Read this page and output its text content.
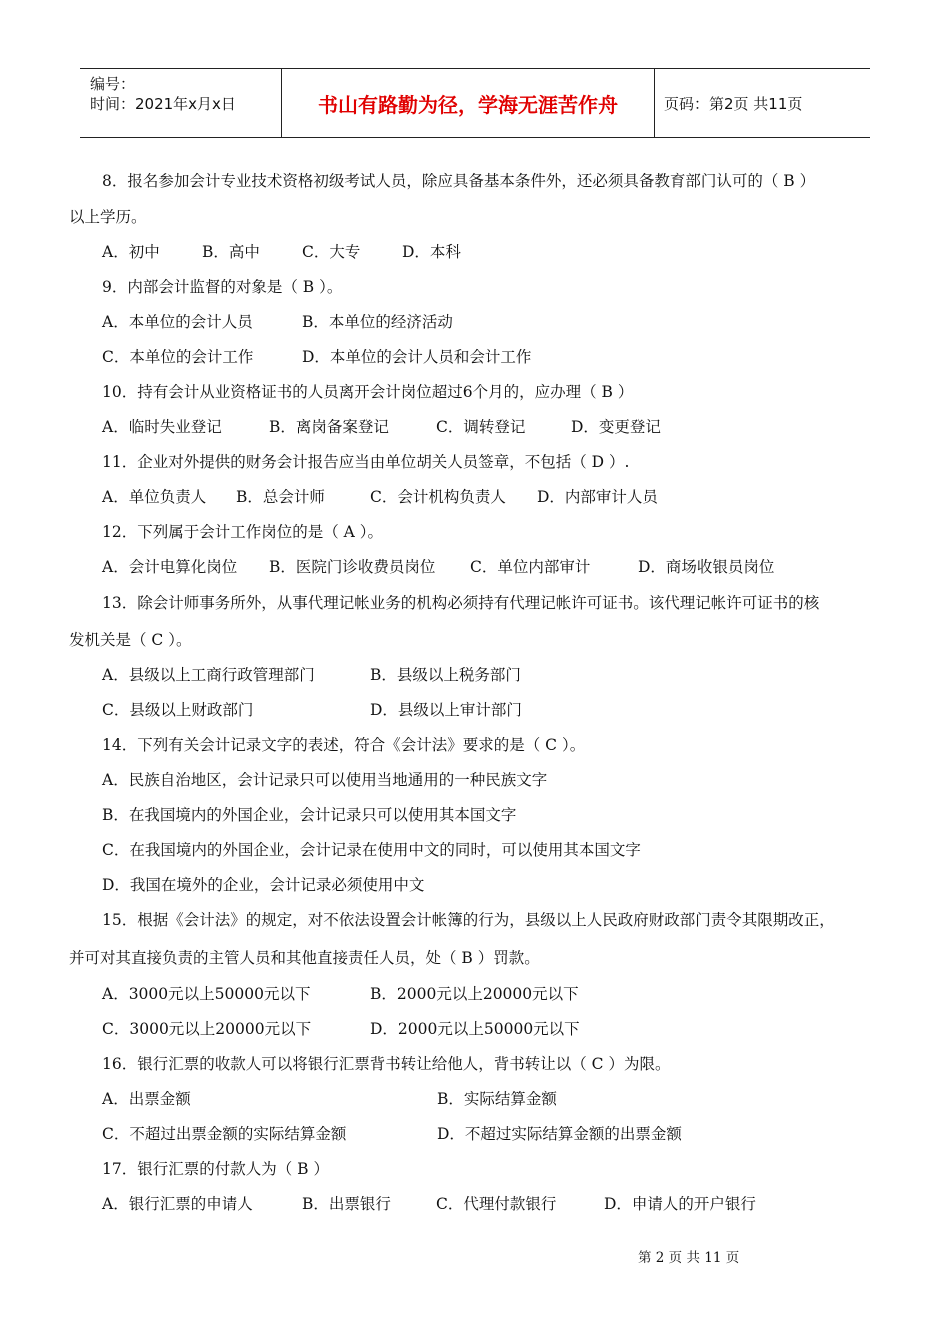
编号：
时间：2021年x月x日	书山有路勤为径，学海无涯苦作舟	页码：第2页 共11页
8．报名参加会计专业技术资格初级考试人员，除应具备基本条件外，还必须具备教育部门认可的（ B ）
以上学历。
A．初中	B．高中	C．大专	D．本科
9．内部会计监督的对象是（ B ）。
A．本单位的会计人员	B．本单位的经济活动
C．本单位的会计工作	D．本单位的会计人员和会计工作
10．持有会计从业资格证书的人员离开会计岗位超过6个月的，应办理（ B ）
A．临时失业登记	B．离岗备案登记	C．调转登记	D．变更登记
11．企业对外提供的财务会计报告应当由单位胡关人员签章，不包括（ D ）.
A．单位负责人 B．总会计师	C．会计机构负责人 D．内部审计人员
12．下列属于会计工作岗位的是（ A ）。
A．会计电算化岗位 B．医院门诊收费员岗位 C．单位内部审计	D．商场收银员岗位
13．除会计师事务所外，从事代理记帐业务的机构必须持有代理记帐许可证书。该代理记帐许可证书的核
发机关是（ C ）。
A．县级以上工商行政管理部门	B．县级以上税务部门
C．县级以上财政部门	D．县级以上审计部门
14．下列有关会计记录文字的表述，符合《会计法》要求的是（ C ）。
A．民族自治地区，会计记录只可以使用当地通用的一种民族文字
B．在我国境内的外国企业，会计记录只可以使用其本国文字
C．在我国境内的外国企业，会计记录在使用中文的同时，可以使用其本国文字
D．我国在境外的企业，会计记录必须使用中文
15．根据《会计法》的规定，对不依法设置会计帐簿的行为，县级以上人民政府财政部门责令其限期改正，
并可对其直接负责的主管人员和其他直接责任人员，处（ B ）罚款。
A．3000元以上50000元以下	B．2000元以上20000元以下
C．3000元以上20000元以下	D．2000元以上50000元以下
16．银行汇票的收款人可以将银行汇票背书转让给他人，背书转让以（ C ）为限。
A．出票金额	B．实际结算金额
C．不超过出票金额的实际结算金额	D．不超过实际结算金额的出票金额
17．银行汇票的付款人为（ B ）
A．银行汇票的申请人	B．出票银行	C．代理付款银行	D．申请人的开户银行
第 2 页 共 11 页
